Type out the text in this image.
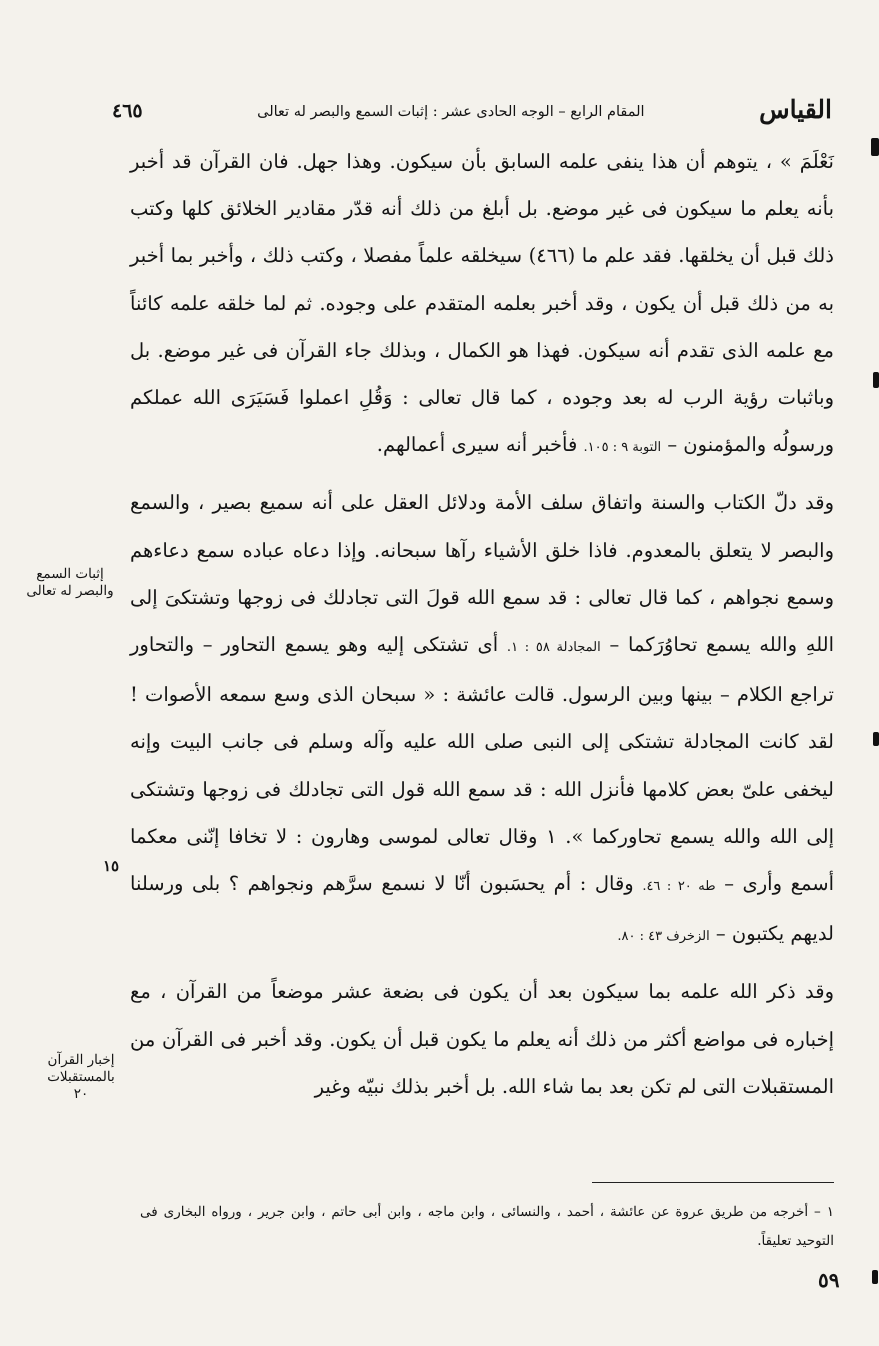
القياس
المقام الرابع – الوجه الحادى عشر : إثبات السمع والبصر له تعالى
٤٦٥

نَعْلَمَ » ، يتوهم أن هذا ينفى علمه السابق بأن سيكون. وهذا جهل. فان القرآن قد أخبر بأنه يعلم ما سيكون فى غير موضع. بل أبلغ من ذلك أنه قدّر مقادير الخلائق كلها وكتب ذلك قبل أن يخلقها. فقد علم ما (٤٦٦) سيخلقه علماً مفصلا ، وكتب ذلك ، وأخبر بما أخبر به من ذلك قبل أن يكون ، وقد أخبر بعلمه المتقدم على وجوده. ثم لما خلقه علمه كائناً مع علمه الذى تقدم أنه سيكون. فهذا هو الكمال ، وبذلك جاء القرآن فى غير موضع. بل وباثبات رؤية الرب له بعد وجوده ، كما قال تعالى : وَقُلِ اعملوا فَسَيَرَى الله عملكم ورسولُه والمؤمنون – التوبة ٩ : ١٠٥. فأخبر أنه سيرى أعمالهم.

وقد دلّ الكتاب والسنة واتفاق سلف الأمة ودلائل العقل على أنه سميع بصير ، والسمع والبصر لا يتعلق بالمعدوم. فاذا خلق الأشياء رآها سبحانه. وإذا دعاه عباده سمع دعاءهم وسمع نجواهم ، كما قال تعالى : قد سمع الله قولَ التى تجادلك فى زوجها وتشتكىَ إلى اللهِ والله يسمع تحاوُرَكما – المجادلة ٥٨ : ١. أى تشتكى إليه وهو يسمع التحاور – والتحاور تراجع الكلام – بينها وبين الرسول. قالت عائشة : « سبحان الذى وسع سمعه الأصوات ! لقد كانت المجادلة تشتكى إلى النبى صلى الله عليه وآله وسلم فى جانب البيت وإنه ليخفى علىّ بعض كلامها فأنزل الله : قد سمع الله قول التى تجادلك فى زوجها وتشتكى إلى الله والله يسمع تحاوركما ». ١ وقال تعالى لموسى وهارون : لا تخافا إنّنى معكما أسمع وأرى – طه ٢٠ : ٤٦. وقال : أم يحسَبون أنّا لا نسمع سرَّهم ونجواهم ؟ بلى ورسلنا لديهم يكتبون – الزخرف ٤٣ : ٨٠.

وقد ذكر الله علمه بما سيكون بعد أن يكون فى بضعة عشر موضعاً من القرآن ، مع إخباره فى مواضع أكثر من ذلك أنه يعلم ما يكون قبل أن يكون. وقد أخبر فى القرآن من المستقبلات التى لم تكن بعد بما شاء الله. بل أخبر بذلك نبيّه وغير

إثبات السمع والبصر له تعالى
١٥
إخبار القرآن بالمستقبلات
٢٠

١ – أخرجه من طريق عروة عن عائشة ، أحمد ، والنسائى ، وابن ماجه ، وابن أبى حاتم ، وابن جرير ، ورواه البخارى فى التوحيد تعليقاً.

٥٩
